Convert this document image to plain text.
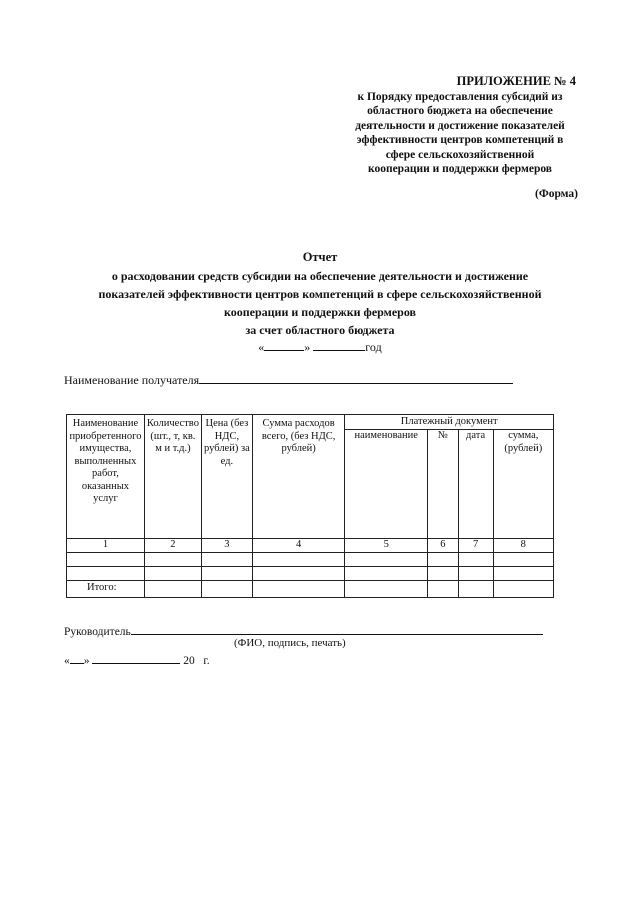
ПРИЛОЖЕНИЕ № 4
к Порядку предоставления субсидий из
областного бюджета на обеспечение
деятельности и достижение показателей
эффективности центров компетенций в
сфере сельскохозяйственной
кооперации и поддержки фермеров
(Форма)
Отчет
о расходовании средств субсидии на обеспечение деятельности и достижение
показателей эффективности центров компетенций в сфере сельскохозяйственной
кооперации и поддержки фермеров
за счет областного бюджета
«	»	год
Наименование получателя
Наименование приобретенного имущества, выполненных работ, оказанных услуг	Количество (шт., т, кв. м и т.д.)	Цена (без НДС, рублей) за ед.	Сумма расходов всего, (без НДС, рублей)	Платежный документ			
				наименование	№	дата	сумма, (рублей)
1	2	3	4	5	6	7	8

Итого:							
Руководитель
(ФИО, подпись, печать)
« »	20 г.
